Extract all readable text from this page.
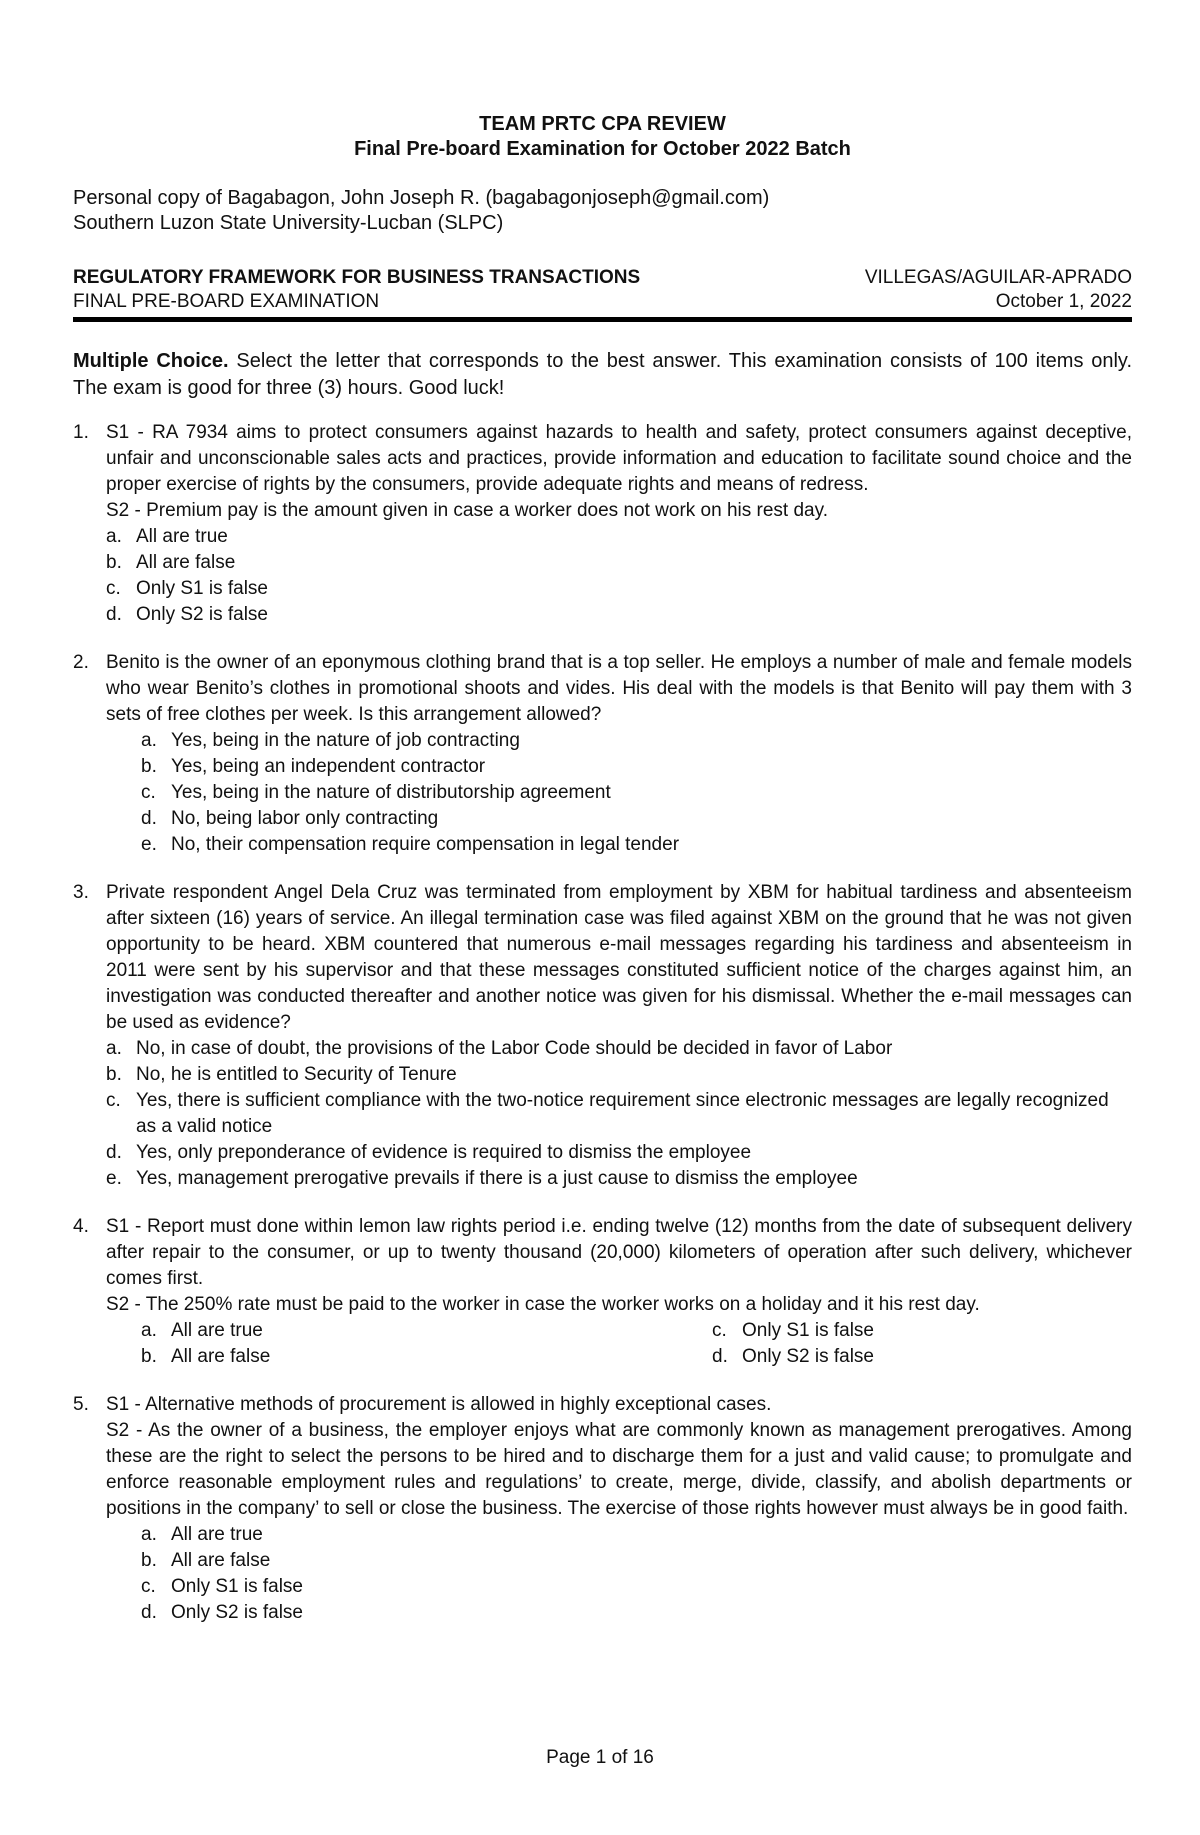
TEAM PRTC CPA REVIEW
Final Pre-board Examination for October 2022 Batch
Personal copy of Bagabagon, John Joseph R. (bagabagonjoseph@gmail.com)
Southern Luzon State University-Lucban (SLPC)
REGULATORY FRAMEWORK FOR BUSINESS TRANSACTIONS
FINAL PRE-BOARD EXAMINATION
VILLEGAS/AGUILAR-APRADO
October 1, 2022
Multiple Choice. Select the letter that corresponds to the best answer. This examination consists of 100 items only. The exam is good for three (3) hours. Good luck!
1. S1 - RA 7934 aims to protect consumers against hazards to health and safety, protect consumers against deceptive, unfair and unconscionable sales acts and practices, provide information and education to facilitate sound choice and the proper exercise of rights by the consumers, provide adequate rights and means of redress.
S2 - Premium pay is the amount given in case a worker does not work on his rest day.
a. All are true
b. All are false
c. Only S1 is false
d. Only S2 is false
2. Benito is the owner of an eponymous clothing brand that is a top seller. He employs a number of male and female models who wear Benito’s clothes in promotional shoots and vides. His deal with the models is that Benito will pay them with 3 sets of free clothes per week. Is this arrangement allowed?
a. Yes, being in the nature of job contracting
b. Yes, being an independent contractor
c. Yes, being in the nature of distributorship agreement
d. No, being labor only contracting
e. No, their compensation require compensation in legal tender
3. Private respondent Angel Dela Cruz was terminated from employment by XBM for habitual tardiness and absenteeism after sixteen (16) years of service. An illegal termination case was filed against XBM on the ground that he was not given opportunity to be heard. XBM countered that numerous e-mail messages regarding his tardiness and absenteeism in 2011 were sent by his supervisor and that these messages constituted sufficient notice of the charges against him, an investigation was conducted thereafter and another notice was given for his dismissal. Whether the e-mail messages can be used as evidence?
a. No, in case of doubt, the provisions of the Labor Code should be decided in favor of Labor
b. No, he is entitled to Security of Tenure
c. Yes, there is sufficient compliance with the two-notice requirement since electronic messages are legally recognized as a valid notice
d. Yes, only preponderance of evidence is required to dismiss the employee
e. Yes, management prerogative prevails if there is a just cause to dismiss the employee
4. S1 - Report must done within lemon law rights period i.e. ending twelve (12) months from the date of subsequent delivery after repair to the consumer, or up to twenty thousand (20,000) kilometers of operation after such delivery, whichever comes first.
S2 - The 250% rate must be paid to the worker in case the worker works on a holiday and it his rest day.
a. All are true	c. Only S1 is false
b. All are false	d. Only S2 is false
5. S1 - Alternative methods of procurement is allowed in highly exceptional cases.
S2 - As the owner of a business, the employer enjoys what are commonly known as management prerogatives. Among these are the right to select the persons to be hired and to discharge them for a just and valid cause; to promulgate and enforce reasonable employment rules and regulations’ to create, merge, divide, classify, and abolish departments or positions in the company’ to sell or close the business. The exercise of those rights however must always be in good faith.
a. All are true
b. All are false
c. Only S1 is false
d. Only S2 is false
Page 1 of 16
